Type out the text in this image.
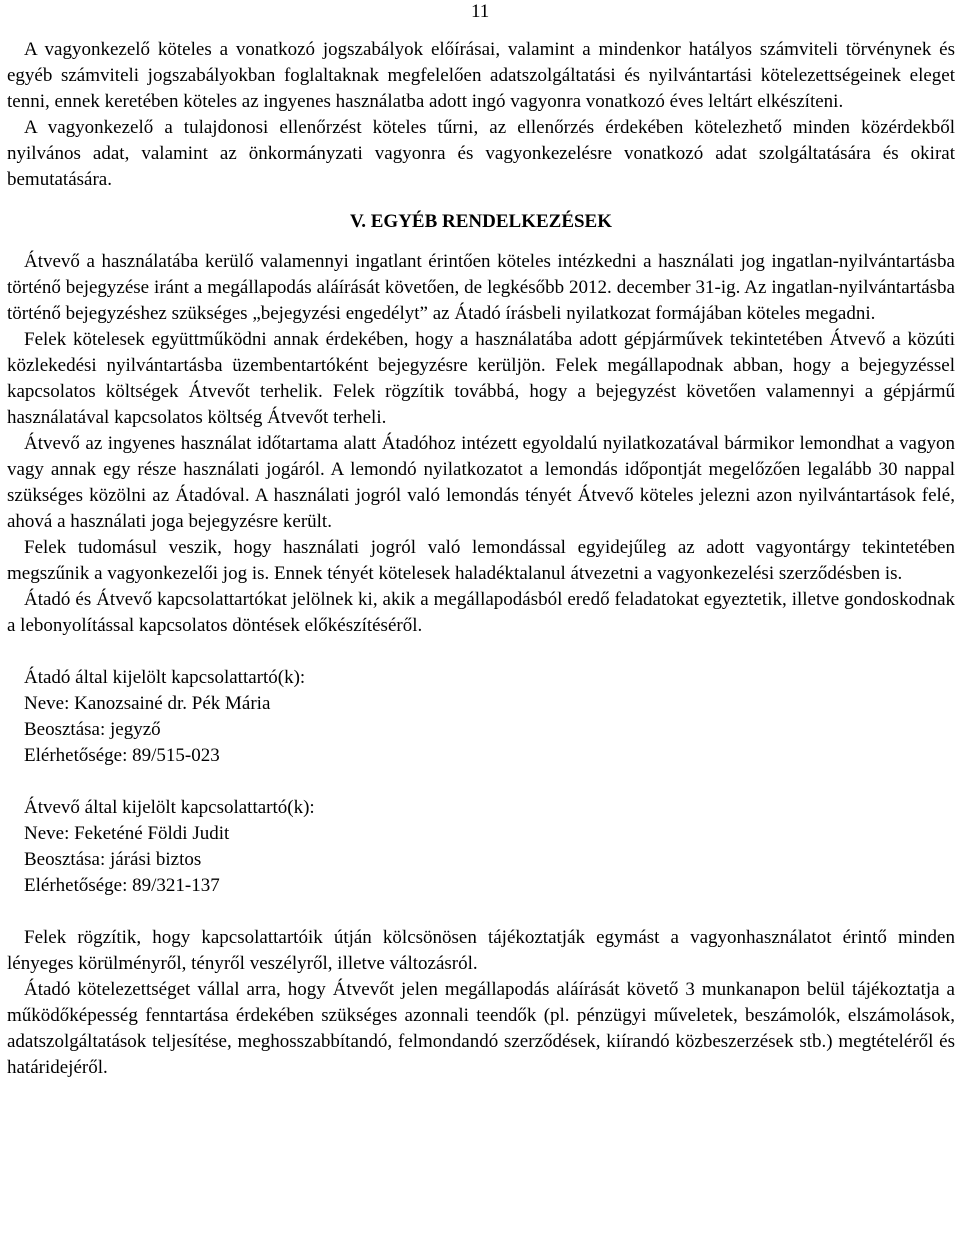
11

A vagyonkezelő köteles a vonatkozó jogszabályok előírásai, valamint a mindenkor hatályos számviteli törvénynek és egyéb számviteli jogszabályokban foglaltaknak megfelelően adatszolgáltatási és nyilvántartási kötelezettségeinek eleget tenni, ennek keretében köteles az ingyenes használatba adott ingó vagyonra vonatkozó éves leltárt elkészíteni.

A vagyonkezelő a tulajdonosi ellenőrzést köteles tűrni, az ellenőrzés érdekében kötelezhető minden közérdekből nyilvános adat, valamint az önkormányzati vagyonra és vagyonkezelésre vonatkozó adat szolgáltatására és okirat bemutatására.

V. EGYÉB RENDELKEZÉSEK

Átvevő a használatába kerülő valamennyi ingatlant érintően köteles intézkedni a használati jog ingatlan-nyilvántartásba történő bejegyzése iránt a megállapodás aláírását követően, de legkésőbb 2012. december 31-ig. Az ingatlan-nyilvántartásba történő bejegyzéshez szükséges „bejegyzési engedélyt” az Átadó írásbeli nyilatkozat formájában köteles megadni.

Felek kötelesek együttműködni annak érdekében, hogy a használatába adott gépjárművek tekintetében Átvevő a közúti közlekedési nyilvántartásba üzembentartóként bejegyzésre kerüljön. Felek megállapodnak abban, hogy a bejegyzéssel kapcsolatos költségek Átvevőt terhelik. Felek rögzítik továbbá, hogy a bejegyzést követően valamennyi a gépjármű használatával kapcsolatos költség Átvevőt terheli.

Átvevő az ingyenes használat időtartama alatt Átadóhoz intézett egyoldalú nyilatkozatával bármikor lemondhat a vagyon vagy annak egy része használati jogáról. A lemondó nyilatkozatot a lemondás időpontját megelőzően legalább 30 nappal szükséges közölni az Átadóval. A használati jogról való lemondás tényét Átvevő köteles jelezni azon nyilvántartások felé, ahová a használati joga bejegyzésre került.

Felek tudomásul veszik, hogy használati jogról való lemondással egyidejűleg az adott vagyontárgy tekintetében megszűnik a vagyonkezelői jog is. Ennek tényét kötelesek haladéktalanul átvezetni a vagyonkezelési szerződésben is.

Átadó és Átvevő kapcsolattartókat jelölnek ki, akik a megállapodásból eredő feladatokat egyeztetik, illetve gondoskodnak a lebonyolítással kapcsolatos döntések előkészítéséről.

Átadó által kijelölt kapcsolattartó(k):

Neve: Kanozsainé dr. Pék Mária

Beosztása: jegyző

Elérhetősége: 89/515-023

Átvevő által kijelölt kapcsolattartó(k):

Neve: Feketéné Földi Judit

Beosztása: járási biztos

Elérhetősége: 89/321-137

Felek rögzítik, hogy kapcsolattartóik útján kölcsönösen tájékoztatják egymást a vagyonhasználatot érintő minden lényeges körülményről, tényről veszélyről, illetve változásról.

Átadó kötelezettséget vállal arra, hogy Átvevőt jelen megállapodás aláírását követő 3 munkanapon belül tájékoztatja a működőképesség fenntartása érdekében szükséges azonnali teendők (pl. pénzügyi műveletek, beszámolók, elszámolások, adatszolgáltatások teljesítése, meghosszabbítandó, felmondandó szerződések, kiírandó közbeszerzések stb.) megtételéről és határidejéről.
